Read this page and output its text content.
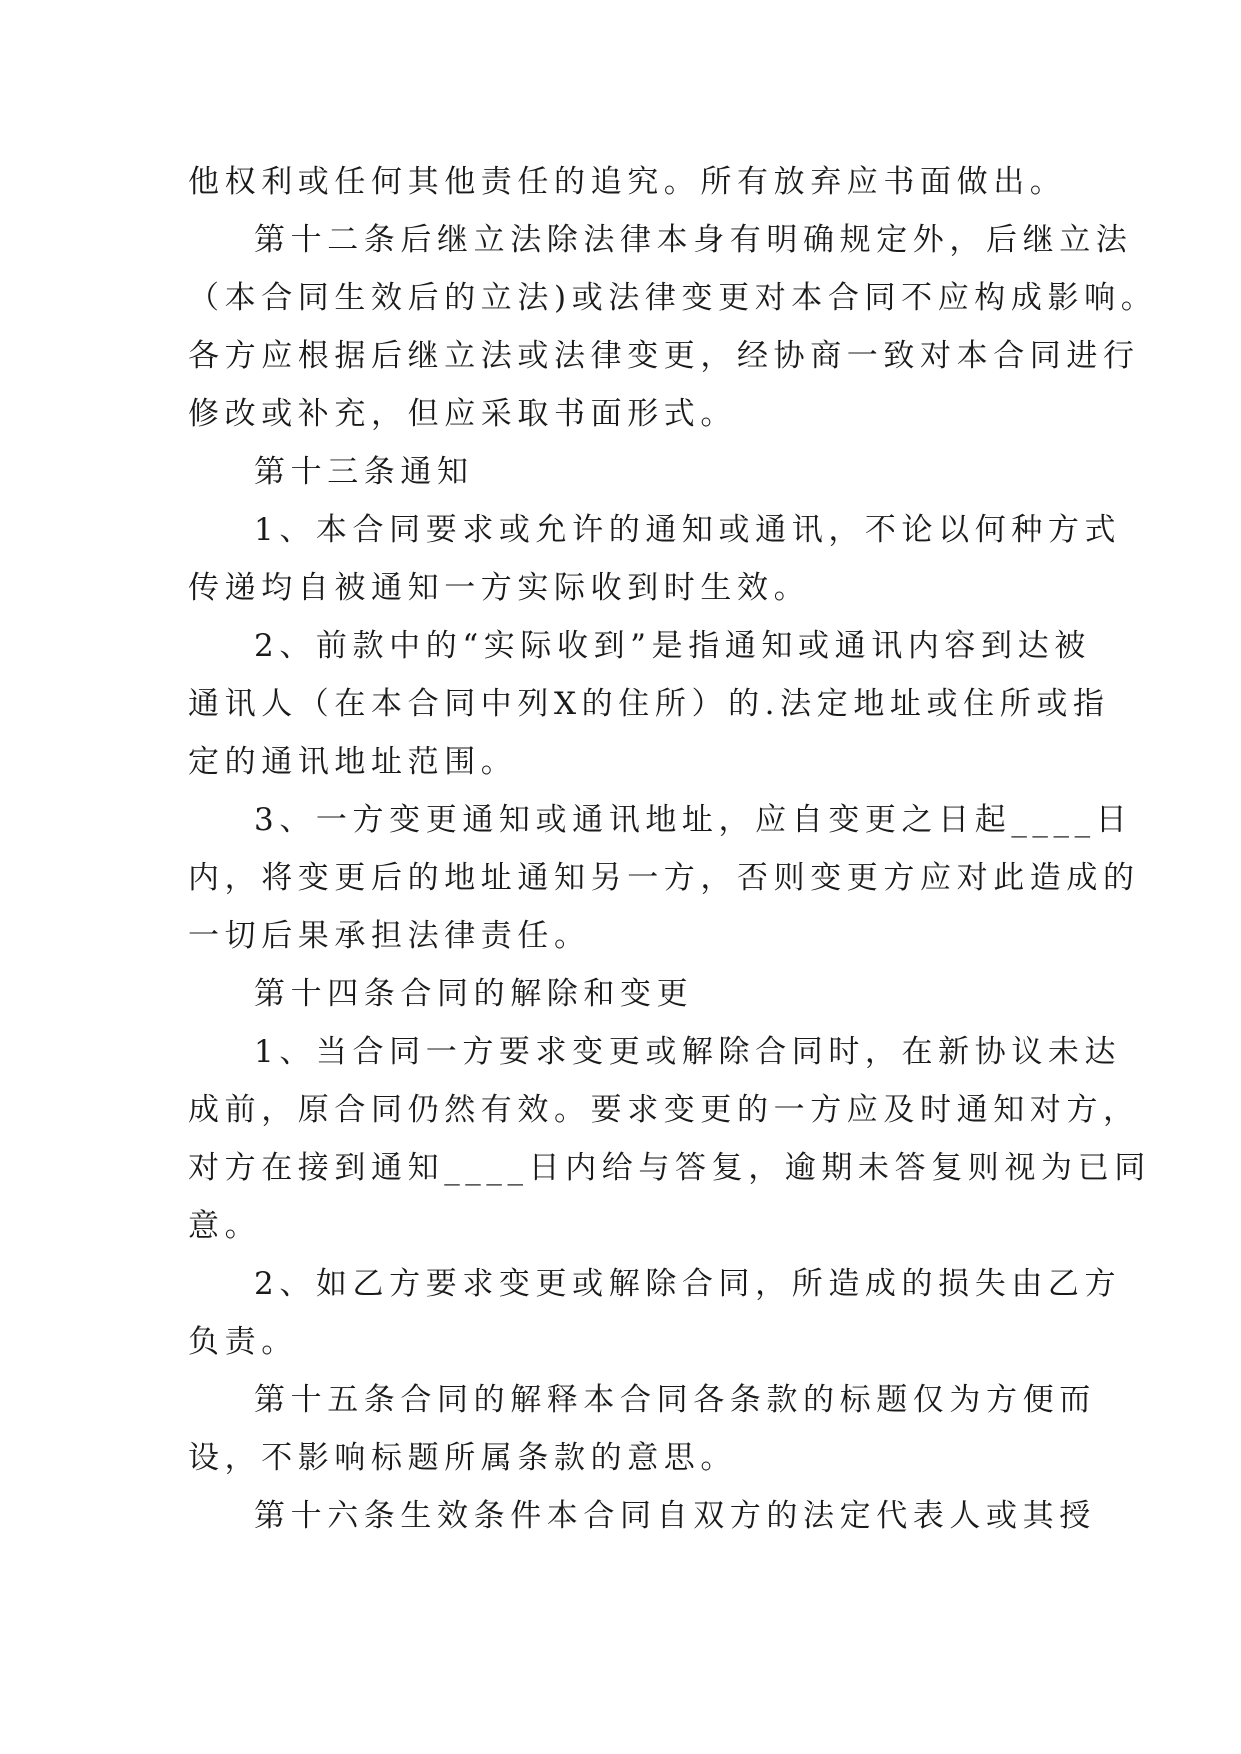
他权利或任何其他责任的追究。所有放弃应书面做出。
第十二条后继立法除法律本身有明确规定外，后继立法
（本合同生效后的立法)或法律变更对本合同不应构成影响。
各方应根据后继立法或法律变更，经协商一致对本合同进行
修改或补充，但应采取书面形式。
第十三条通知
1、本合同要求或允许的通知或通讯，不论以何种方式
传递均自被通知一方实际收到时生效。
2、前款中的“实际收到”是指通知或通讯内容到达被
通讯人（在本合同中列X的住所）的.法定地址或住所或指
定的通讯地址范围。
3、一方变更通知或通讯地址，应自变更之日起____日
内，将变更后的地址通知另一方，否则变更方应对此造成的
一切后果承担法律责任。
第十四条合同的解除和变更
1、当合同一方要求变更或解除合同时，在新协议未达
成前，原合同仍然有效。要求变更的一方应及时通知对方，
对方在接到通知____日内给与答复，逾期未答复则视为已同
意。
2、如乙方要求变更或解除合同，所造成的损失由乙方
负责。
第十五条合同的解释本合同各条款的标题仅为方便而
设，不影响标题所属条款的意思。
第十六条生效条件本合同自双方的法定代表人或其授
